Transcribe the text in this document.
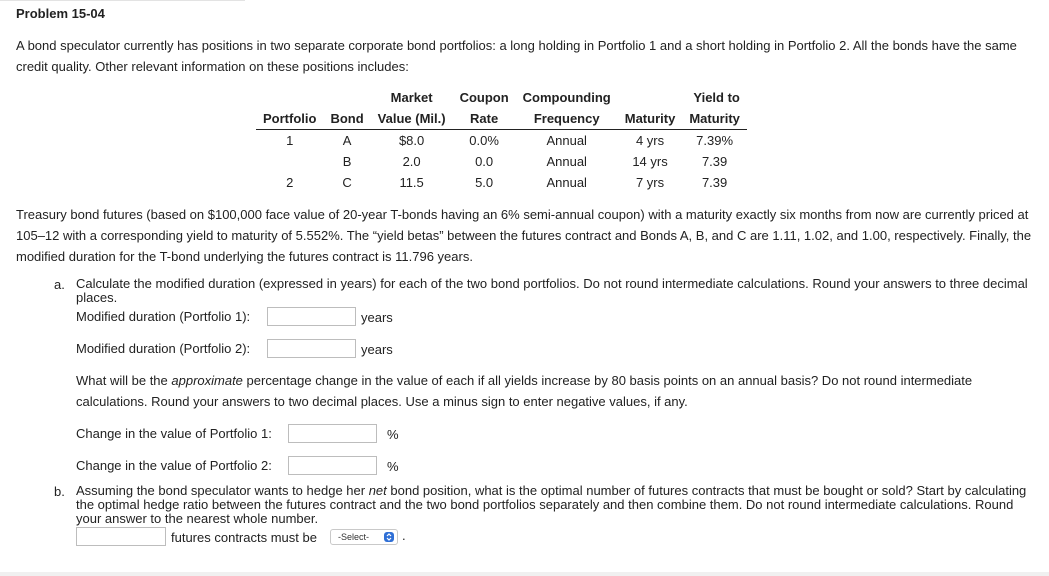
Problem 15-04
A bond speculator currently has positions in two separate corporate bond portfolios: a long holding in Portfolio 1 and a short holding in Portfolio 2. All the bonds have the same credit quality. Other relevant information on these positions includes:
		Market	Coupon	Compounding		Yield to
Portfolio	Bond	Value (Mil.)	Rate	Frequency	Maturity	Maturity
1	A	$8.0	0.0%	Annual	4 yrs	7.39%
	B	2.0	0.0	Annual	14 yrs	7.39
2	C	11.5	5.0	Annual	7 yrs	7.39
Treasury bond futures (based on $100,000 face value of 20-year T-bonds having an 6% semi-annual coupon) with a maturity exactly six months from now are currently priced at 105–12 with a corresponding yield to maturity of 5.552%. The “yield betas” between the futures contract and Bonds A, B, and C are 1.11, 1.02, and 1.00, respectively. Finally, the modified duration for the T-bond underlying the futures contract is 11.796 years.
a. Calculate the modified duration (expressed in years) for each of the two bond portfolios. Do not round intermediate calculations. Round your answers to three decimal places.
Modified duration (Portfolio 1):	years
Modified duration (Portfolio 2):	years
What will be the approximate percentage change in the value of each if all yields increase by 80 basis points on an annual basis? Do not round intermediate calculations. Round your answers to two decimal places. Use a minus sign to enter negative values, if any.
Change in the value of Portfolio 1:	%
Change in the value of Portfolio 2:	%
b. Assuming the bond speculator wants to hedge her net bond position, what is the optimal number of futures contracts that must be bought or sold? Start by calculating the optimal hedge ratio between the futures contract and the two bond portfolios separately and then combine them. Do not round intermediate calculations. Round your answer to the nearest whole number.
futures contracts must be	-Select-	.
